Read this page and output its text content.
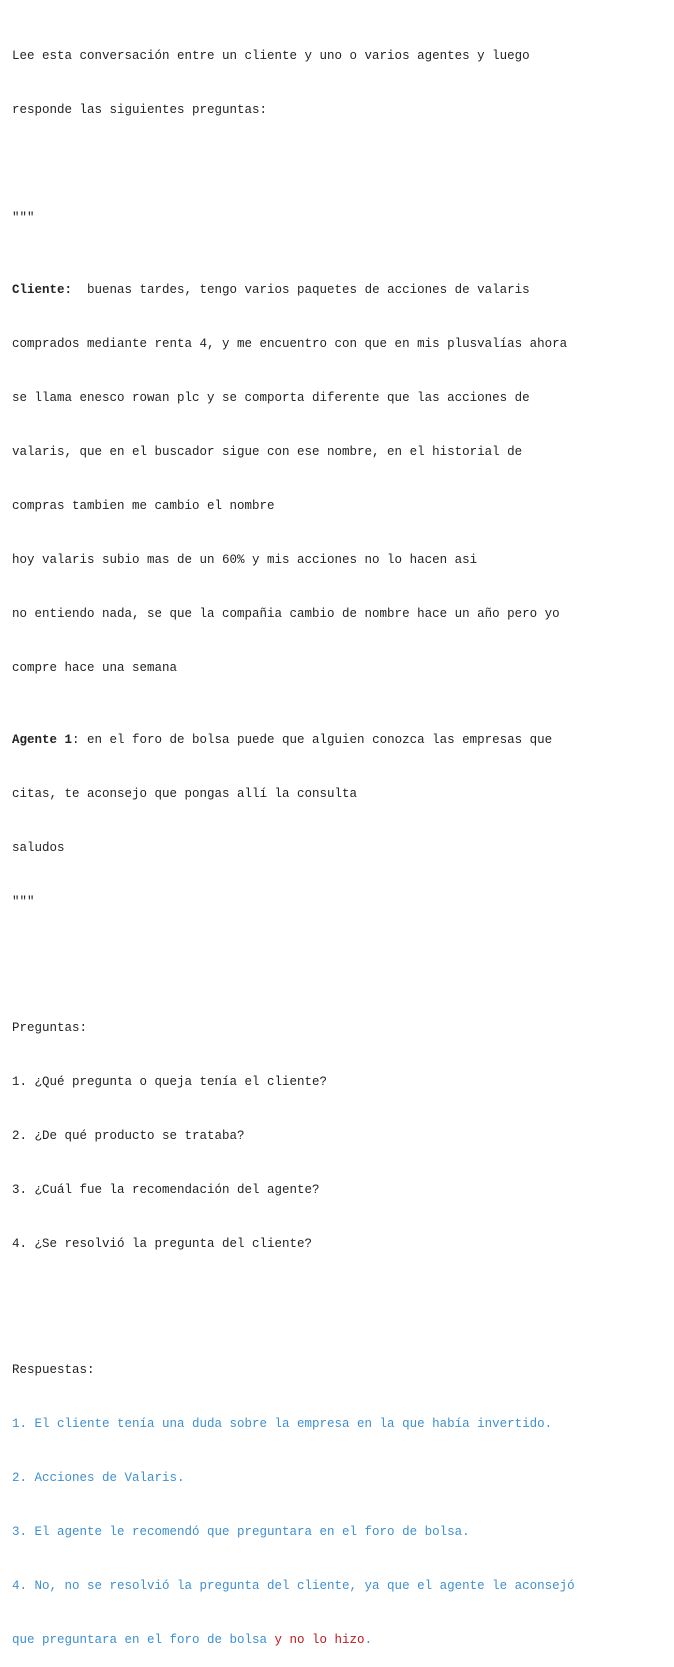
Lee esta conversación entre un cliente y uno o varios agentes y luego

responde las siguientes preguntas:

"""

Cliente:  buenas tardes, tengo varios paquetes de acciones de valaris

comprados mediante renta 4, y me encuentro con que en mis plusvalías ahora

se llama enesco rowan plc y se comporta diferente que las acciones de

valaris, que en el buscador sigue con ese nombre, en el historial de

compras tambien me cambio el nombre

hoy valaris subio mas de un 60% y mis acciones no lo hacen asi

no entiendo nada, se que la compañia cambio de nombre hace un año pero yo

compre hace una semana

Agente 1: en el foro de bolsa puede que alguien conozca las empresas que

citas, te aconsejo que pongas allí la consulta

saludos

"""

Preguntas:

1. ¿Qué pregunta o queja tenía el cliente?

2. ¿De qué producto se trataba?

3. ¿Cuál fue la recomendación del agente?

4. ¿Se resolvió la pregunta del cliente?

Respuestas:

1. El cliente tenía una duda sobre la empresa en la que había invertido.

2. Acciones de Valaris.

3. El agente le recomendó que preguntara en el foro de bolsa.

4. No, no se resolvió la pregunta del cliente, ya que el agente le aconsejó

que preguntara en el foro de bolsa y no lo hizo.
